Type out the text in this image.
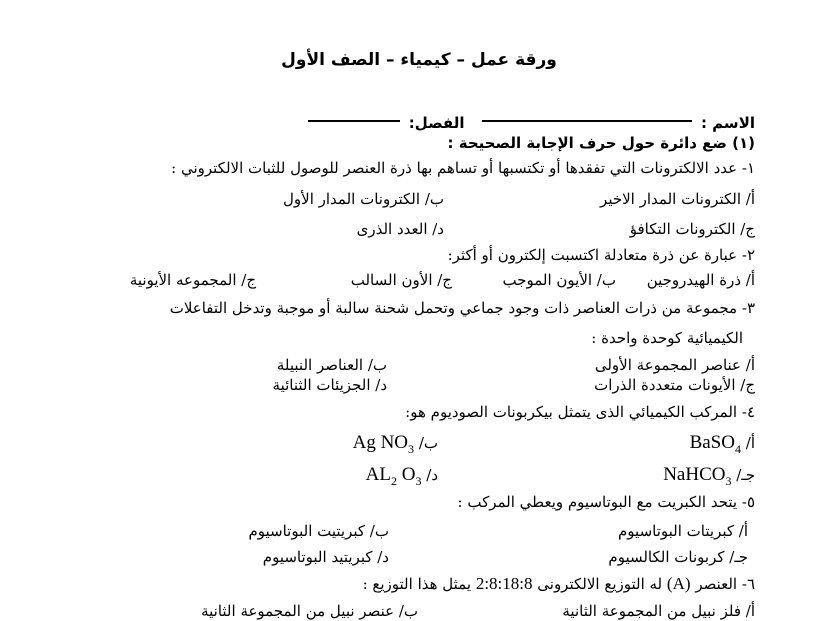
ورقة عمل – كيمياء – الصف الأول
الاسم :  الفصل:
(١) ضع دائرة حول حرف الإجابة الصحيحة :
١- عدد الالكترونات التي تفقدها أو تكتسبها أو تساهم بها ذرة العنصر للوصول للثبات الالكتروني :
أ/ الكترونات المدار الاخير
ب/ الكترونات المدار الأول
ج/ الكترونات التكافؤ
د/ العدد الذرى
٢- عبارة عن ذرة متعادلة اكتسبت إلكترون أو أكثر:
أ/ ذرة الهيدروجين
ب/ الأيون الموجب
ج/ الأون السالب
ج/ المجموعه الأيونية
٣- مجموعة من ذرات العناصر ذات وجود جماعي وتحمل شحنة سالبة أو موجبة وتدخل التفاعلات
الكيميائية كوحدة واحدة :
أ/ عناصر المجموعة الأولى
ب/ العناصر النبيلة
ج/ الأيونات متعددة الذرات
د/ الجزيئات الثنائية
٤- المركب الكيميائي الذى يتمثل بيكربونات الصوديوم هو:
أ/ BaSO$_4$
ب/ Ag $NO_3$
جـ/ NaHCO$_3$
د/ $AL_2$ $O_3$
٥- يتحد الكبريت مع البوتاسيوم ويعطي المركب :
أ/ كبريتات البوتاسيوم
ب/ كبريتيت البوتاسيوم
جـ/ كربونات الكالسيوم
د/ كبريتيد البوتاسيوم
٦- العنصر (A) له التوزيع الالكترونى 2:8:18:8 يمثل هذا التوزيع :
أ/ فلز نبيل من المجموعة الثانية
ب/ عنصر نبيل من المجموعة الثانية
